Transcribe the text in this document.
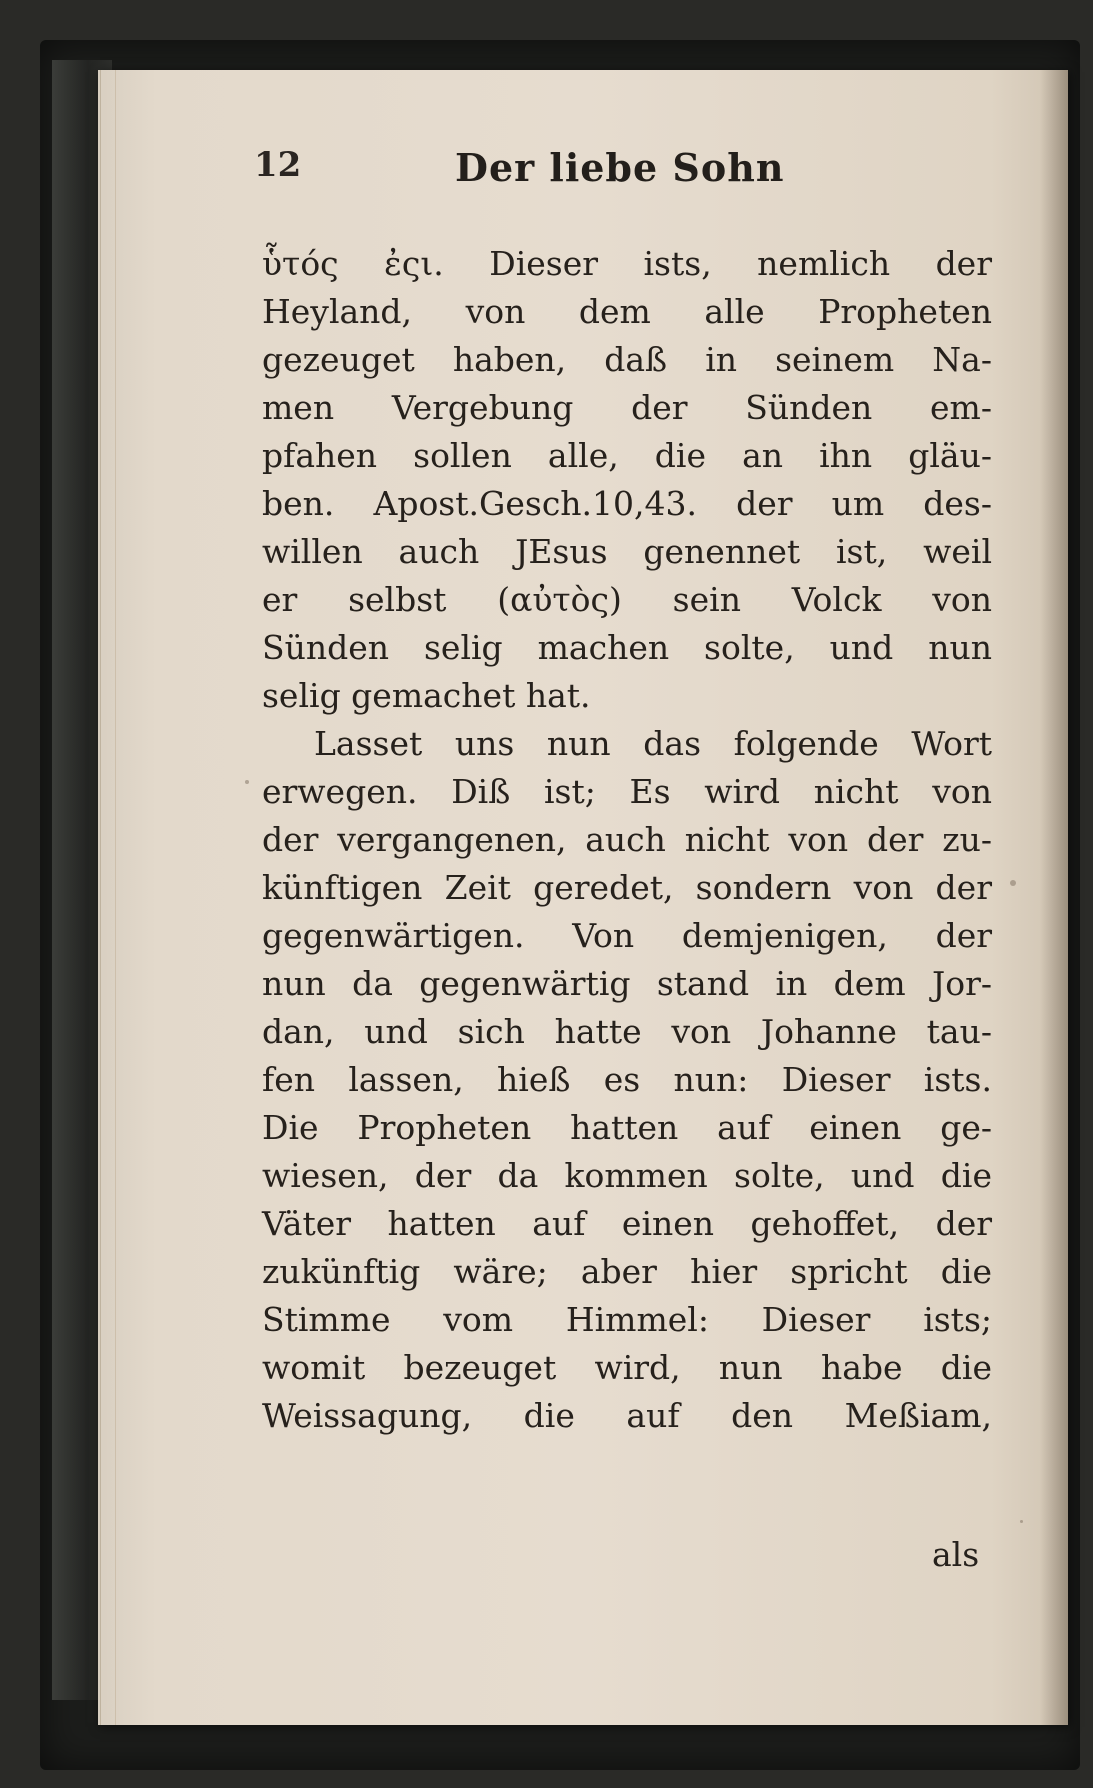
12	Der liebe Sohn
ὗτός ἐςι. Dieser ists, nemlich der
Heyland, von dem alle Propheten
gezeuget haben, daß in seinem Na-
men Vergebung der Sünden em-
pfahen sollen alle, die an ihn gläu-
ben. Apost.Gesch.10,43. der um des-
willen auch JEsus genennet ist, weil
er selbst (αὐτὸς) sein Volck von
Sünden selig machen solte, und nun
selig gemachet hat.
Lasset uns nun das folgende Wort
erwegen. Diß ist; Es wird nicht von
der vergangenen, auch nicht von der zu-
künftigen Zeit geredet, sondern von der
gegenwärtigen. Von demjenigen, der
nun da gegenwärtig stand in dem Jor-
dan, und sich hatte von Johanne tau-
fen lassen, hieß es nun: Dieser ists.
Die Propheten hatten auf einen ge-
wiesen, der da kommen solte, und die
Väter hatten auf einen gehoffet, der
zukünftig wäre; aber hier spricht die
Stimme vom Himmel: Dieser ists;
womit bezeuget wird, nun habe die
Weissagung, die auf den Meßiam,
als
